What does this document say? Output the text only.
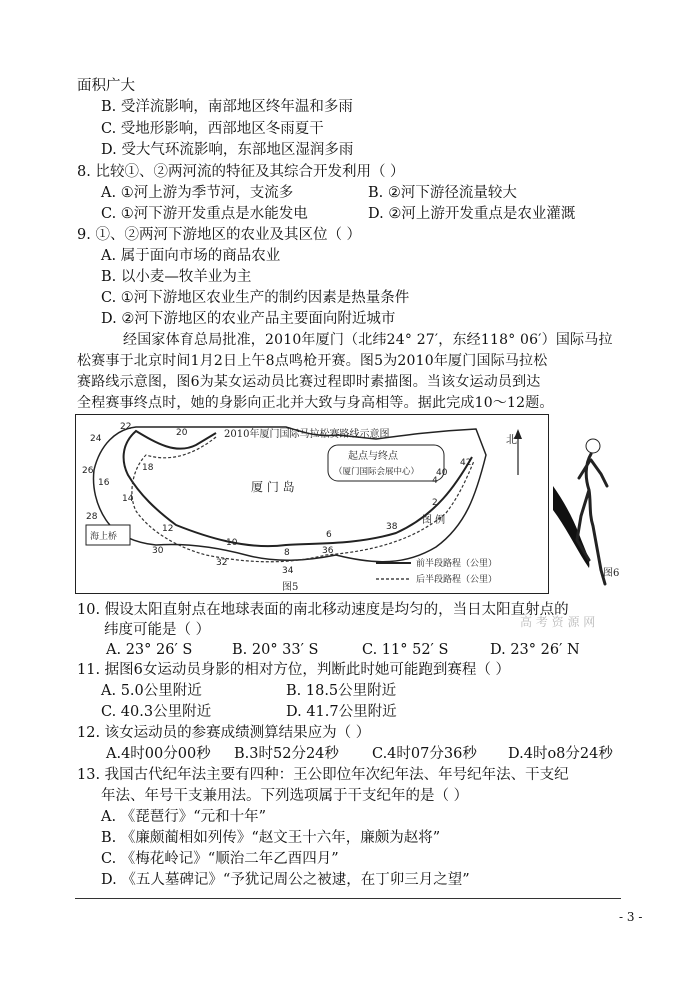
面积广大
B. 受洋流影响，南部地区终年温和多雨
C. 受地形影响，西部地区冬雨夏干
D. 受大气环流影响，东部地区湿润多雨
8. 比较①、②两河流的特征及其综合开发利用（ ）
A. ①河上游为季节河，支流多	B. ②河下游径流量较大
C. ①河下游开发重点是水能发电	D. ②河上游开发重点是农业灌溉
9. ①、②两河下游地区的农业及其区位（ ）
A. 属于面向市场的商品农业
B. 以小麦—牧羊业为主
C. ①河下游地区农业生产的制约因素是热量条件
D. ②河下游地区的农业产品主要面向附近城市
经国家体育总局批准，2010年厦门（北纬24° 27′，东经118° 06′）国际马拉
松赛事于北京时间1月2日上午8点鸣枪开赛。图5为2010年厦门国际马拉松
赛路线示意图，图6为某女运动员比赛过程即时素描图。当该女运动员到达
全程赛事终点时，她的身影向正北并大致与身高相等。据此完成10～12题。
2010年厦门国际马拉松赛路线示意图	北
厦 门 岛
起点与终点
（厦门国际会展中心）
图 例
前半段路程（公里）
后半段路程（公里）
海上桥
22
20
24
18
26
16
14
28
12
30
10
32
8
34
6
36
4
38
2
40
42
图5
图6
10. 假设太阳直射点在地球表面的南北移动速度是均匀的，当日太阳直射点的
纬度可能是（ ）	高 考 资 源 网
A. 23° 26′ S	B. 20° 33′ S	C. 11° 52′ S	D. 23° 26′ N
11. 据图6女运动员身影的相对方位，判断此时她可能跑到赛程（ ）
A. 5.0公里附近	B. 18.5公里附近
C. 40.3公里附近	D. 41.7公里附近
12. 该女运动员的参赛成绩测算结果应为（ ）
A.4时00分00秒 B.3时52分24秒 C.4时07分36秒 D.4时o8分24秒
13. 我国古代纪年法主要有四种：王公即位年次纪年法、年号纪年法、干支纪
年法、年号干支兼用法。下列选项属于干支纪年的是（ ）
A. 《琵琶行》“元和十年”
B. 《廉颇蔺相如列传》“赵文王十六年，廉颇为赵将”
C. 《梅花岭记》“顺治二年乙酉四月”
D. 《五人墓碑记》“予犹记周公之被逮，在丁卯三月之望”
- 3 -
